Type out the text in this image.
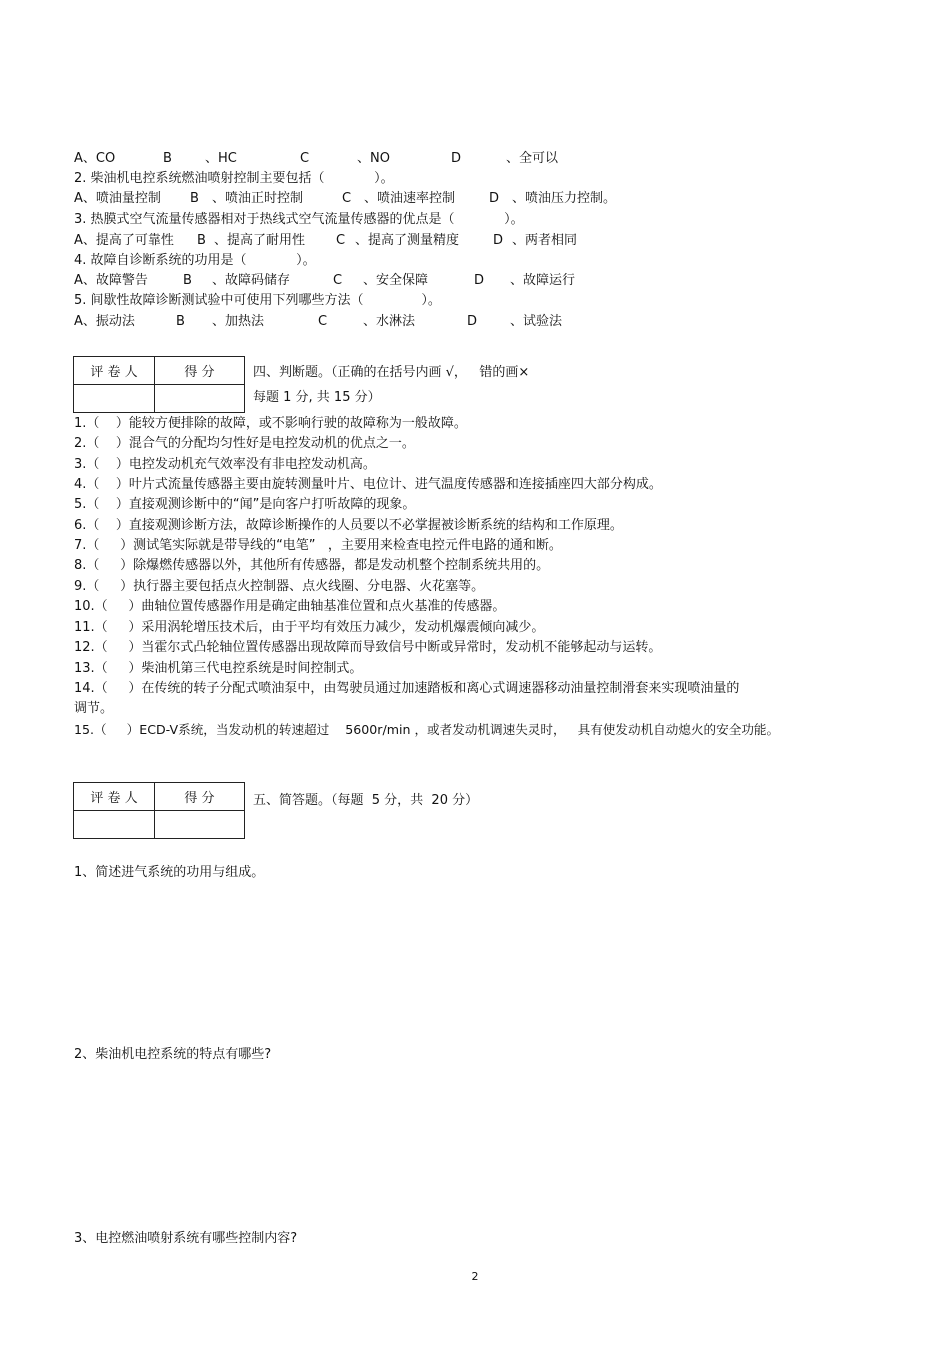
A、CO	B	、HC	C	、NO	D	、全可以
2. 柴油机电控系统燃油喷射控制主要包括（            ）。
A、喷油量控制 B 、喷油正时控制	C 、喷油速率控制	D 、喷油压力控制。
3. 热膜式空气流量传感器相对于热线式空气流量传感器的优点是（            ）。
A、提高了可靠性 B 、提高了耐用性 C 、提高了测量精度	D 、两者相同
4. 故障自诊断系统的功用是（            ）。
A、故障警告	B 、故障码储存	C 、安全保障	D 、故障运行
5. 间歇性故障诊断测试验中可使用下列哪些方法（              ）。
A、振动法	B 、加热法	C	、水淋法	D	、试验法
评 卷 人	得 分
		四、判断题。（正确的在括号内画 √，   错的画×
每题 1 分, 共 15 分）
1.（    ）能较方便排除的故障，或不影响行驶的故障称为一般故障。
2.（    ）混合气的分配均匀性好是电控发动机的优点之一。
3.（    ）电控发动机充气效率没有非电控发动机高。
4.（    ）叶片式流量传感器主要由旋转测量叶片、电位计、进气温度传感器和连接插座四大部分构成。
5.（    ）直接观测诊断中的“闻”是向客户打听故障的现象。
6.（    ）直接观测诊断方法，故障诊断操作的人员要以不必掌握被诊断系统的结构和工作原理。
7.（     ）测试笔实际就是带导线的“电笔”   ，主要用来检查电控元件电路的通和断。
8.（     ）除爆燃传感器以外，其他所有传感器，都是发动机整个控制系统共用的。
9.（     ）执行器主要包括点火控制器、点火线圈、分电器、火花塞等。
10.（     ）曲轴位置传感器作用是确定曲轴基准位置和点火基准的传感器。
11.（     ）采用涡轮增压技术后，由于平均有效压力减少，发动机爆震倾向减少。
12.（     ）当霍尔式凸轮轴位置传感器出现故障而导致信号中断或异常时，发动机不能够起动与运转。
13.（     ）柴油机第三代电控系统是时间控制式。
14.（     ）在传统的转子分配式喷油泵中，由驾驶员通过加速踏板和离心式调速器移动油量控制滑套来实现喷油量的
调节。
15.（     ）ECD-V系统，当发动机的转速超过    5600r/min ，或者发动机调速失灵时，   具有使发动机自动熄火的安全功能。
评 卷 人	得 分
		五、简答题。（每题  5 分，共  20 分）
1、简述进气系统的功用与组成。
2、柴油机电控系统的特点有哪些?
3、电控燃油喷射系统有哪些控制内容?
2
